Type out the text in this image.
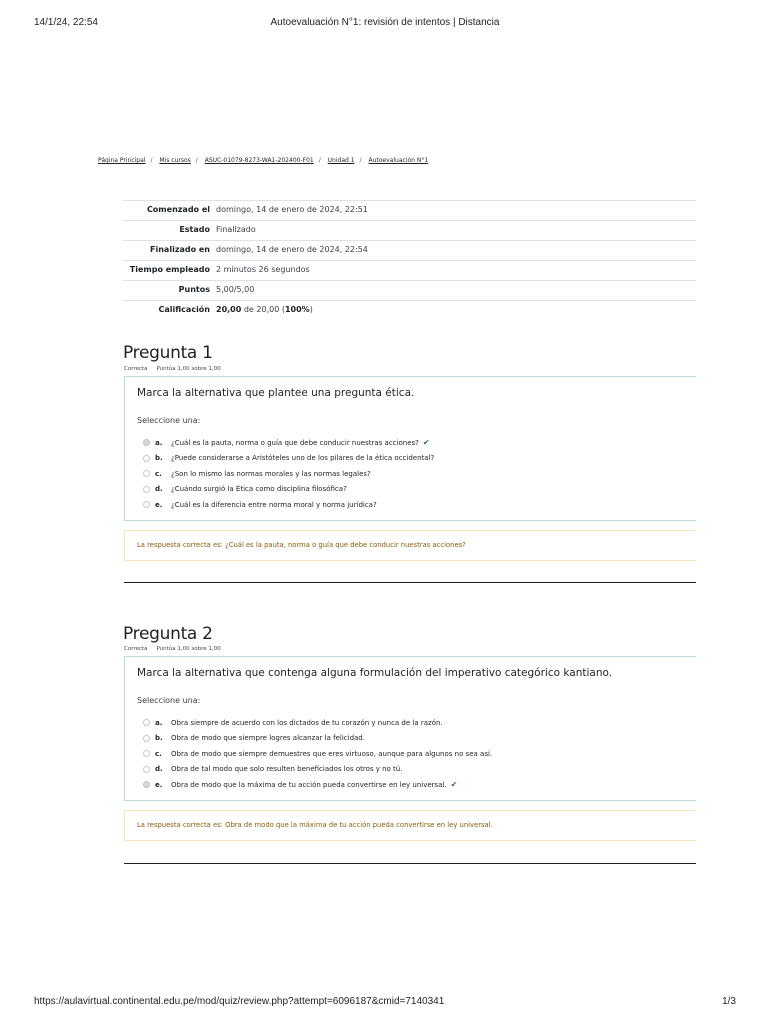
14/1/24, 22:54	Autoevaluación N°1: revisión de intentos | Distancia
Página Principal / Mis cursos / ASUC-01079-8273-WA1-202400-F01 / Unidad 1 / Autoevaluación N°1
Comenzado el	domingo, 14 de enero de 2024, 22:51
Estado	Finalizado
Finalizado en	domingo, 14 de enero de 2024, 22:54
Tiempo empleado	2 minutos 26 segundos
Puntos	5,00/5,00
Calificación	20,00 de 20,00 (100%)
Pregunta 1
Correcta Puntúa 1,00 sobre 1,00
Marca la alternativa que plantee una pregunta ética.
Seleccione una:
a.	¿Cuál es la pauta, norma o guía que debe conducir nuestras acciones? ✔
b.	¿Puede considerarse a Aristóteles uno de los pilares de la ética occidental?
c.	¿Son lo mismo las normas morales y las normas legales?
d.	¿Cuándo surgió la Ética como disciplina filosófica?
e.	¿Cuál es la diferencia entre norma moral y norma jurídica?
La respuesta correcta es: ¿Cuál es la pauta, norma o guía que debe conducir nuestras acciones?
Pregunta 2
Correcta Puntúa 1,00 sobre 1,00
Marca la alternativa que contenga alguna formulación del imperativo categórico kantiano.
Seleccione una:
a.	Obra siempre de acuerdo con los dictados de tu corazón y nunca de la razón.
b.	Obra de modo que siempre logres alcanzar la felicidad.
c.	Obra de modo que siempre demuestres que eres virtuoso, aunque para algunos no sea así.
d.	Obra de tal modo que solo resulten beneficiados los otros y no tú.
e.	Obra de modo que la máxima de tu acción pueda convertirse en ley universal. ✔
La respuesta correcta es: Obra de modo que la máxima de tu acción pueda convertirse en ley universal.
https://aulavirtual.continental.edu.pe/mod/quiz/review.php?attempt=6096187&cmid=7140341	1/3
